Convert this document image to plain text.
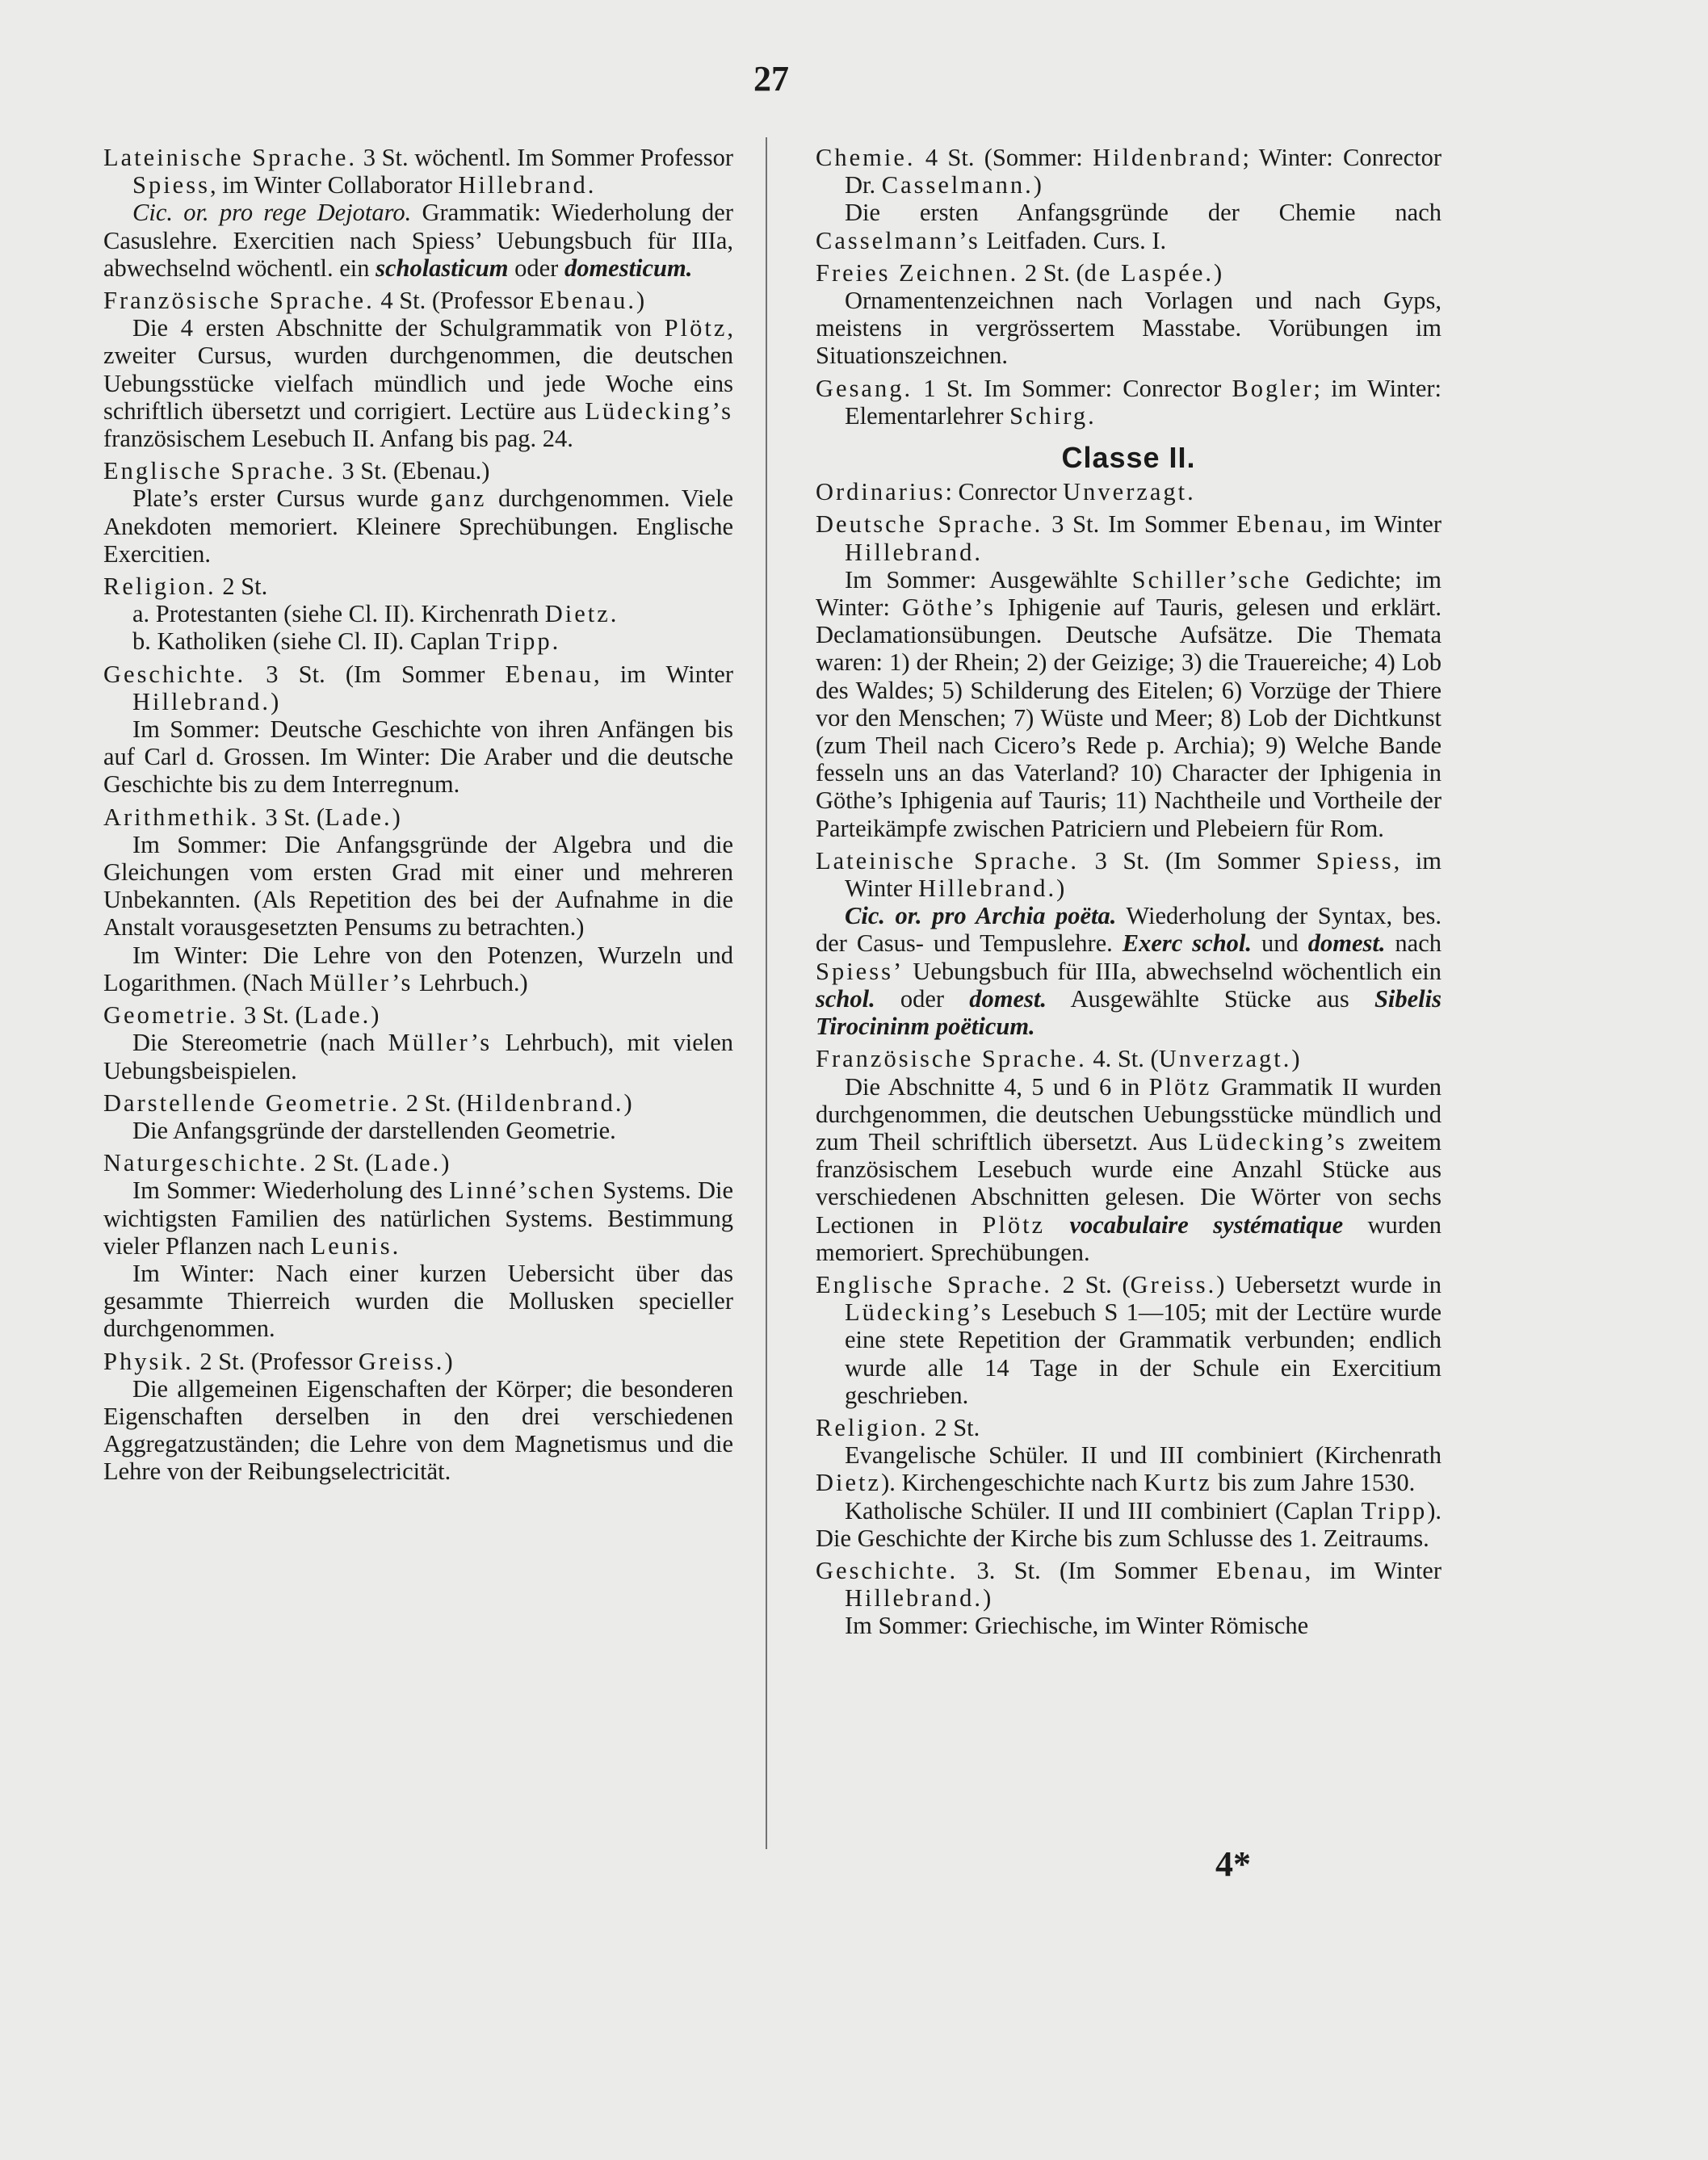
27
Lateinische Sprache. 3 St. wöchentl. Im Sommer Professor Spiess, im Winter Collaborator Hillebrand.

Cic. or. pro rege Dejotaro. Grammatik: Wiederholung der Casuslehre. Exercitien nach Spiess’ Uebungsbuch für IIIa, abwechselnd wöchentl. ein scholasticum oder domesticum.

Französische Sprache. 4 St. (Professor Ebenau.)

Die 4 ersten Abschnitte der Schulgrammatik von Plötz, zweiter Cursus, wurden durchgenommen, die deutschen Uebungsstücke vielfach mündlich und jede Woche eins schriftlich übersetzt und corrigiert. Lectüre aus Lüdecking’s französischem Lesebuch II. Anfang bis pag. 24.

Englische Sprache. 3 St. (Ebenau.)

Plate’s erster Cursus wurde ganz durchgenommen. Viele Anekdoten memoriert. Kleinere Sprechübungen. Englische Exercitien.

Religion. 2 St.

a. Protestanten (siehe Cl. II). Kirchenrath Dietz.

b. Katholiken (siehe Cl. II). Caplan Tripp.

Geschichte. 3 St. (Im Sommer Ebenau, im Winter Hillebrand.)

Im Sommer: Deutsche Geschichte von ihren Anfängen bis auf Carl d. Grossen. Im Winter: Die Araber und die deutsche Geschichte bis zu dem Interregnum.

Arithmethik. 3 St. (Lade.)

Im Sommer: Die Anfangsgründe der Algebra und die Gleichungen vom ersten Grad mit einer und mehreren Unbekannten. (Als Repetition des bei der Aufnahme in die Anstalt vorausgesetzten Pensums zu betrachten.)

Im Winter: Die Lehre von den Potenzen, Wurzeln und Logarithmen. (Nach Müller’s Lehrbuch.)

Geometrie. 3 St. (Lade.)

Die Stereometrie (nach Müller’s Lehrbuch), mit vielen Uebungsbeispielen.

Darstellende Geometrie. 2 St. (Hildenbrand.)

Die Anfangsgründe der darstellenden Geometrie.

Naturgeschichte. 2 St. (Lade.)

Im Sommer: Wiederholung des Linné’schen Systems. Die wichtigsten Familien des natürlichen Systems. Bestimmung vieler Pflanzen nach Leunis.

Im Winter: Nach einer kurzen Uebersicht über das gesammte Thierreich wurden die Mollusken specieller durchgenommen.

Physik. 2 St. (Professor Greiss.)

Die allgemeinen Eigenschaften der Körper; die besonderen Eigenschaften derselben in den drei verschiedenen Aggregatzuständen; die Lehre von dem Magnetismus und die Lehre von der Reibungselectricität.

Chemie. 4 St. (Sommer: Hildenbrand; Winter: Conrector Dr. Casselmann.)

Die ersten Anfangsgründe der Chemie nach Casselmann’s Leitfaden. Curs. I.

Freies Zeichnen. 2 St. (de Laspée.)

Ornamentenzeichnen nach Vorlagen und nach Gyps, meistens in vergrössertem Masstabe. Vorübungen im Situationszeichnen.

Gesang. 1 St. Im Sommer: Conrector Bogler; im Winter: Elementarlehrer Schirg.
Classe II.
Ordinarius: Conrector Unverzagt.
Deutsche Sprache. 3 St. Im Sommer Ebenau, im Winter Hillebrand.

Im Sommer: Ausgewählte Schiller’sche Gedichte; im Winter: Göthe’s Iphigenie auf Tauris, gelesen und erklärt. Declamationsübungen. Deutsche Aufsätze. Die Themata waren: 1) der Rhein; 2) der Geizige; 3) die Trauereiche; 4) Lob des Waldes; 5) Schilderung des Eitelen; 6) Vorzüge der Thiere vor den Menschen; 7) Wüste und Meer; 8) Lob der Dichtkunst (zum Theil nach Cicero’s Rede p. Archia); 9) Welche Bande fesseln uns an das Vaterland? 10) Character der Iphigenia in Göthe’s Iphigenia auf Tauris; 11) Nachtheile und Vortheile der Parteikämpfe zwischen Patriciern und Plebeiern für Rom.

Lateinische Sprache. 3 St. (Im Sommer Spiess, im Winter Hillebrand.)

Cic. or. pro Archia poëta. Wiederholung der Syntax, bes. der Casus- und Tempuslehre. Exerc schol. und domest. nach Spiess’ Uebungsbuch für IIIa, abwechselnd wöchentlich ein schol. oder domest. Ausgewählte Stücke aus Sibelis Tirocininm poëticum.

Französische Sprache. 4. St. (Unverzagt.)

Die Abschnitte 4, 5 und 6 in Plötz Grammatik II wurden durchgenommen, die deutschen Uebungsstücke mündlich und zum Theil schriftlich übersetzt. Aus Lüdecking’s zweitem französischem Lesebuch wurde eine Anzahl Stücke aus verschiedenen Abschnitten gelesen. Die Wörter von sechs Lectionen in Plötz vocabulaire systématique wurden memoriert. Sprechübungen.

Englische Sprache. 2 St. (Greiss.) Uebersetzt wurde in Lüdecking’s Lesebuch S 1—105; mit der Lectüre wurde eine stete Repetition der Grammatik verbunden; endlich wurde alle 14 Tage in der Schule ein Exercitium geschrieben.
Religion. 2 St.

Evangelische Schüler. II und III combiniert (Kirchenrath Dietz). Kirchengeschichte nach Kurtz bis zum Jahre 1530.

Katholische Schüler. II und III combiniert (Caplan Tripp). Die Geschichte der Kirche bis zum Schlusse des 1. Zeitraums.

Geschichte. 3. St. (Im Sommer Ebenau, im Winter Hillebrand.)

Im Sommer: Griechische, im Winter Römische

4*
